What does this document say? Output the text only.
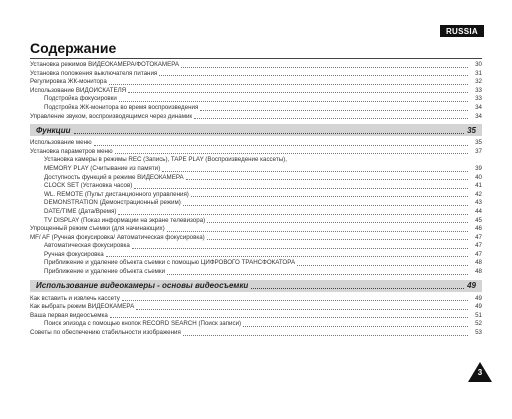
RUSSIA
Содержание
Установка режимов ВИДЕОКАМЕРА/ФОТОКАМЕРА	30
Установка положения выключателя питания	31
Регулировка ЖК-монитора	32
Использование ВИДОИСКАТЕЛЯ	33
Подстройка фокусировки	33
Подстройка ЖК-монитора во время воспроизведения	34
Управление звуком, воспроизводящимся через динамик	34
Функции	35
Использование меню	35
Установка параметров меню	37
Установка камеры в режимы REC (Запись), TAPE PLAY (Воспроизведение кассеты),
MEMORY PLAY (Считывание из памяти)	39
Доступность функций в режиме ВИДЕОКАМЕРА	40
CLOCK SET (Установка часов)	41
WL. REMOTE (Пульт дистанционного управления)	42
DEMONSTRATION (Демонстрационный режим)	43
DATE/TIME (Дата/Время)	44
TV DISPLAY (Показ информации на экране телевизора)	45
Упрощенный режим съемки (для начинающих)	46
MF/ AF (Ручная фокусировка/ Автоматическая фокусировка)	47
Автоматическая фокусировка	47
Ручная фокусировка	47
Приближение и удаление объекта съемки с помощью ЦИФРОВОГО ТРАНСФОКАТОРА	48
Приближение и удаление объекта съемки	48
Использование видеокамеры - основы видеосъемки	49
Как вставить и извлечь кассету	49
Как выбрать режим ВИДЕОКАМЕРА	49
Ваша первая видеосъемка	51
Поиск эпизода с помощью кнопок RECORD SEARCH (Поиск записи)	52
Советы по обеспечению стабильности изображения	53
3
